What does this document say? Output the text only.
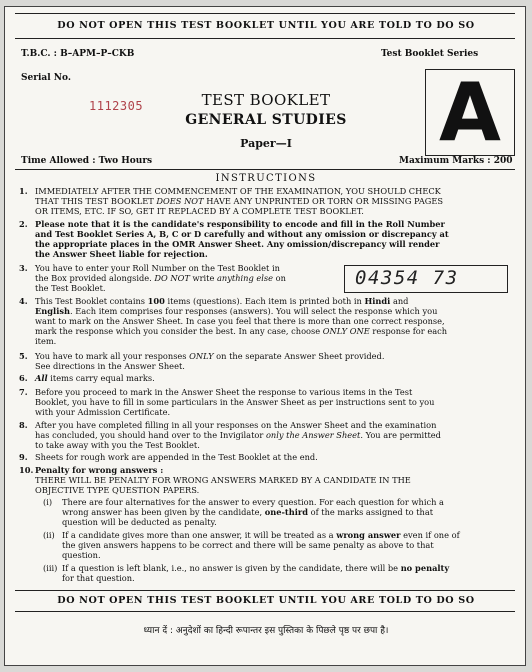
DO NOT OPEN THIS TEST BOOKLET UNTIL YOU ARE TOLD TO DO SO
T.B.C. : B–APM–P–CKB	Test Booklet Series
A
Serial No.
1112305	TEST BOOKLET
GENERAL STUDIES
Paper—I
Time Allowed : Two Hours	Maximum Marks : 200
INSTRUCTIONS
1. IMMEDIATELY AFTER THE COMMENCEMENT OF THE EXAMINATION, YOU SHOULD CHECK
THAT THIS TEST BOOKLET DOES NOT HAVE ANY UNPRINTED OR TORN OR MISSING PAGES
OR ITEMS, ETC. IF SO, GET IT REPLACED BY A COMPLETE TEST BOOKLET.
2. Please note that it is the candidate's responsibility to encode and fill in the Roll Number
and Test Booklet Series A, B, C or D carefully and without any omission or discrepancy at
the appropriate places in the OMR Answer Sheet. Any omission/discrepancy will render
the Answer Sheet liable for rejection.
3. You have to enter your Roll Number on the Test Booklet in
the Box provided alongside. DO NOT write anything else on
the Test Booklet.	04354 73
4. This Test Booklet contains 100 items (questions). Each item is printed both in Hindi and
English. Each item comprises four responses (answers). You will select the response which you
want to mark on the Answer Sheet. In case you feel that there is more than one correct response,
mark the response which you consider the best. In any case, choose ONLY ONE response for each
item.
5. You have to mark all your responses ONLY on the separate Answer Sheet provided.
See directions in the Answer Sheet.
6. All items carry equal marks.
7. Before you proceed to mark in the Answer Sheet the response to various items in the Test
Booklet, you have to fill in some particulars in the Answer Sheet as per instructions sent to you
with your Admission Certificate.
8. After you have completed filling in all your responses on the Answer Sheet and the examination
has concluded, you should hand over to the Invigilator only the Answer Sheet. You are permitted
to take away with you the Test Booklet.
9. Sheets for rough work are appended in the Test Booklet at the end.
10. Penalty for wrong answers :
THERE WILL BE PENALTY FOR WRONG ANSWERS MARKED BY A CANDIDATE IN THE
OBJECTIVE TYPE QUESTION PAPERS.
(i) There are four alternatives for the answer to every question. For each question for which a
wrong answer has been given by the candidate, one-third of the marks assigned to that
question will be deducted as penalty.
(ii) If a candidate gives more than one answer, it will be treated as a wrong answer even if one of
the given answers happens to be correct and there will be same penalty as above to that
question.
(iii) If a question is left blank, i.e., no answer is given by the candidate, there will be no penalty
for that question.
DO NOT OPEN THIS TEST BOOKLET UNTIL YOU ARE TOLD TO DO SO
ध्यान दें : अनुदेशों का हिन्दी रूपान्तर इस पुस्तिका के पिछले पृष्ठ पर छपा है।
